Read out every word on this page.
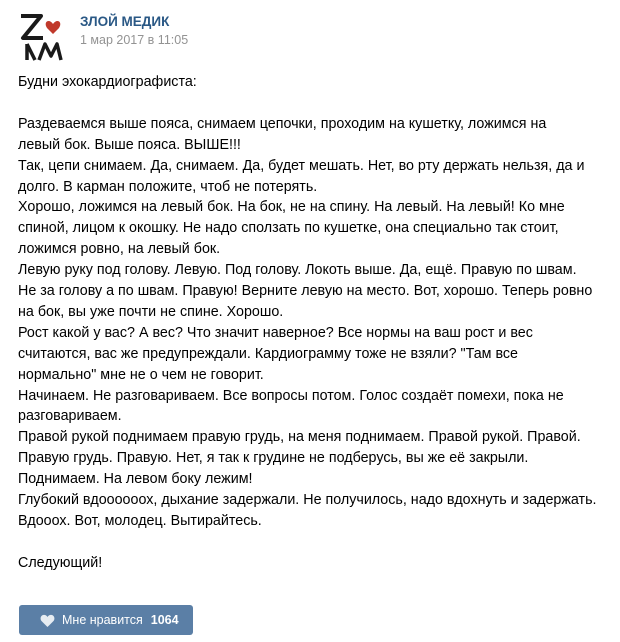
ЗЛОЙ МЕДИК
1 мар 2017 в 11:05

Будни эхокардиографиста:

Раздеваемся выше пояса, снимаем цепочки, проходим на кушетку, ложимся на

левый бок. Выше пояса. ВЫШЕ!!!

Так, цепи снимаем. Да, снимаем. Да, будет мешать. Нет, во рту держать нельзя, да и

долго. В карман положите, чтоб не потерять.

Хорошо, ложимся на левый бок. На бок, не на спину. На левый. На левый! Ко мне

спиной, лицом к окошку. Не надо сползать по кушетке, она специально так стоит,

ложимся ровно, на левый бок.

Левую руку под голову. Левую. Под голову. Локоть выше. Да, ещё. Правую по швам.

Не за голову а по швам. Правую! Верните левую на место. Вот, хорошо. Теперь ровно

на бок, вы уже почти не спине. Хорошо.

Рост какой у вас? А вес? Что значит наверное? Все нормы на ваш рост и вес

считаются, вас же предупреждали. Кардиограмму тоже не взяли? "Там все

нормально" мне не о чем не говорит.

Начинаем. Не разговариваем. Все вопросы потом. Голос создаёт помехи, пока не

разговариваем.

Правой рукой поднимаем правую грудь, на меня поднимаем. Правой рукой. Правой.

Правую грудь. Правую. Нет, я так к грудине не подберусь, вы же её закрыли.

Поднимаем. На левом боку лежим!

Глубокий вдоооооох, дыхание задержали. Не получилось, надо вдохнуть и задержать.

Вдооох. Вот, молодец. Вытирайтесь.

Следующий!

Мне нравится 1064
